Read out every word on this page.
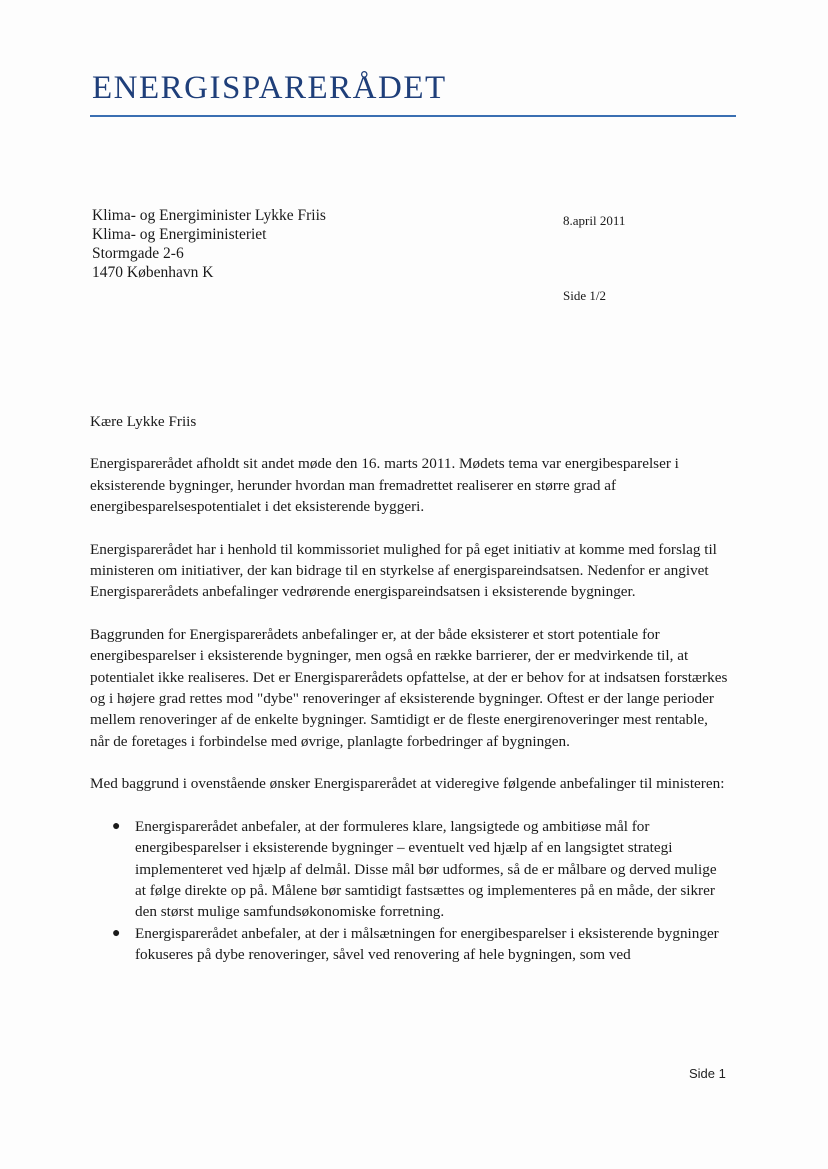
ENERGISPARERÅDET
Klima- og Energiminister Lykke Friis
Klima- og Energiministeriet
Stormgade 2-6
1470 København K
8.april 2011
Side 1/2

Kære Lykke Friis

Energisparerådet afholdt sit andet møde den 16. marts 2011. Mødets tema var energibesparelser i eksisterende bygninger, herunder hvordan man fremadrettet realiserer en større grad af energibesparelsespotentialet i det eksisterende byggeri.

Energisparerådet har i henhold til kommissoriet mulighed for på eget initiativ at komme med forslag til ministeren om initiativer, der kan bidrage til en styrkelse af energispareindsatsen. Nedenfor er angivet Energisparerådets anbefalinger vedrørende energispareindsatsen i eksisterende bygninger.

Baggrunden for Energisparerådets anbefalinger er, at der både eksisterer et stort potentiale for energibesparelser i eksisterende bygninger, men også en række barrierer, der er medvirkende til, at potentialet ikke realiseres. Det er Energisparerådets opfattelse, at der er behov for at indsatsen forstærkes og i højere grad rettes mod "dybe" renoveringer af eksisterende bygninger. Oftest er der lange perioder mellem renoveringer af de enkelte bygninger. Samtidigt er de fleste energirenoveringer mest rentable, når de foretages i forbindelse med øvrige, planlagte forbedringer af bygningen.

Med baggrund i ovenstående ønsker Energisparerådet at videregive følgende anbefalinger til ministeren:

● Energisparerådet anbefaler, at der formuleres klare, langsigtede og ambitiøse mål for energibesparelser i eksisterende bygninger – eventuelt ved hjælp af en langsigtet strategi implementeret ved hjælp af delmål. Disse mål bør udformes, så de er målbare og derved mulige at følge direkte op på. Målene bør samtidigt fastsættes og implementeres på en måde, der sikrer den størst mulige samfundsøkonomiske forretning.
● Energisparerådet anbefaler, at der i målsætningen for energibesparelser i eksisterende bygninger fokuseres på dybe renoveringer, såvel ved renovering af hele bygningen, som ved
Side 1
